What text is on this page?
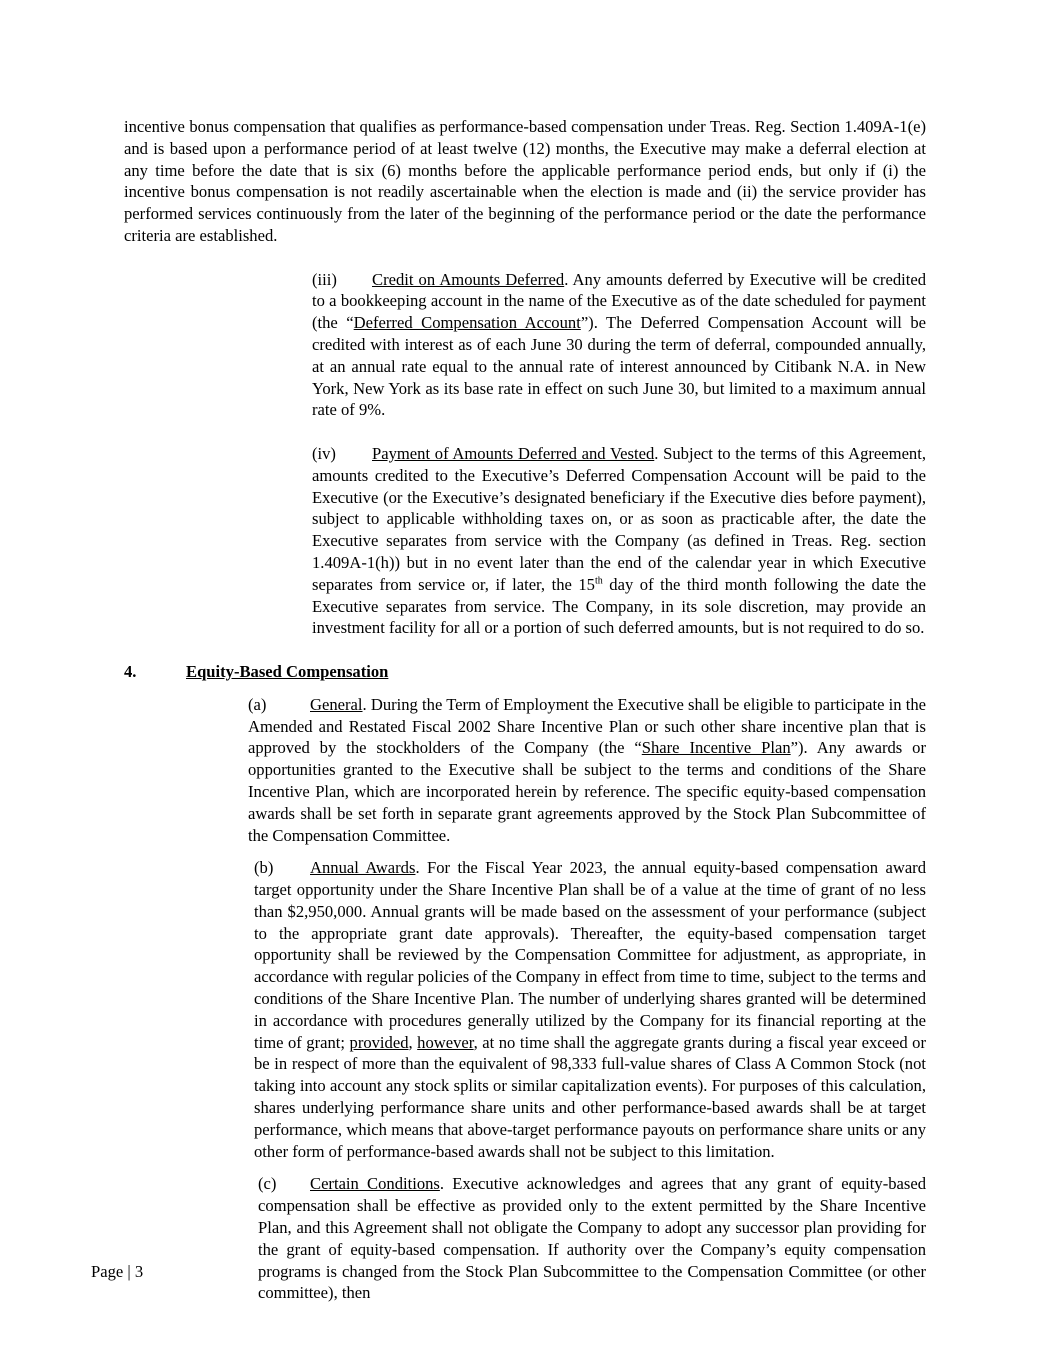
incentive bonus compensation that qualifies as performance-based compensation under Treas. Reg. Section 1.409A-1(e) and is based upon a performance period of at least twelve (12) months, the Executive may make a deferral election at any time before the date that is six (6) months before the applicable performance period ends, but only if (i) the incentive bonus compensation is not readily ascertainable when the election is made and (ii) the service provider has performed services continuously from the later of the beginning of the performance period or the date the performance criteria are established.

(iii) Credit on Amounts Deferred. Any amounts deferred by Executive will be credited to a bookkeeping account in the name of the Executive as of the date scheduled for payment (the “Deferred Compensation Account”). The Deferred Compensation Account will be credited with interest as of each June 30 during the term of deferral, compounded annually, at an annual rate equal to the annual rate of interest announced by Citibank N.A. in New York, New York as its base rate in effect on such June 30, but limited to a maximum annual rate of 9%.

(iv) Payment of Amounts Deferred and Vested. Subject to the terms of this Agreement, amounts credited to the Executive’s Deferred Compensation Account will be paid to the Executive (or the Executive’s designated beneficiary if the Executive dies before payment), subject to applicable withholding taxes on, or as soon as practicable after, the date the Executive separates from service with the Company (as defined in Treas. Reg. section 1.409A-1(h)) but in no event later than the end of the calendar year in which Executive separates from service or, if later, the 15th day of the third month following the date the Executive separates from service. The Company, in its sole discretion, may provide an investment facility for all or a portion of such deferred amounts, but is not required to do so.

4.	Equity-Based Compensation

(a)	General. During the Term of Employment the Executive shall be eligible to participate in the Amended and Restated Fiscal 2002 Share Incentive Plan or such other share incentive plan that is approved by the stockholders of the Company (the “Share Incentive Plan”). Any awards or opportunities granted to the Executive shall be subject to the terms and conditions of the Share Incentive Plan, which are incorporated herein by reference. The specific equity-based compensation awards shall be set forth in separate grant agreements approved by the Stock Plan Subcommittee of the Compensation Committee.

(b) Annual Awards. For the Fiscal Year 2023, the annual equity-based compensation award target opportunity under the Share Incentive Plan shall be of a value at the time of grant of no less than $2,950,000. Annual grants will be made based on the assessment of your performance (subject to the appropriate grant date approvals). Thereafter, the equity-based compensation target opportunity shall be reviewed by the Compensation Committee for adjustment, as appropriate, in accordance with regular policies of the Company in effect from time to time, subject to the terms and conditions of the Share Incentive Plan. The number of underlying shares granted will be determined in accordance with procedures generally utilized by the Company for its financial reporting at the time of grant; provided, however, at no time shall the aggregate grants during a fiscal year exceed or be in respect of more than the equivalent of 98,333 full-value shares of Class A Common Stock (not taking into account any stock splits or similar capitalization events). For purposes of this calculation, shares underlying performance share units and other performance-based awards shall be at target performance, which means that above-target performance payouts on performance share units or any other form of performance-based awards shall not be subject to this limitation.

(c) Certain Conditions. Executive acknowledges and agrees that any grant of equity-based compensation shall be effective as provided only to the extent permitted by the Share Incentive Plan, and this Agreement shall not obligate the Company to adopt any successor plan providing for the grant of equity-based compensation. If authority over the Company’s equity compensation programs is changed from the Stock Plan Subcommittee to the Compensation Committee (or other committee), then

Page | 3
